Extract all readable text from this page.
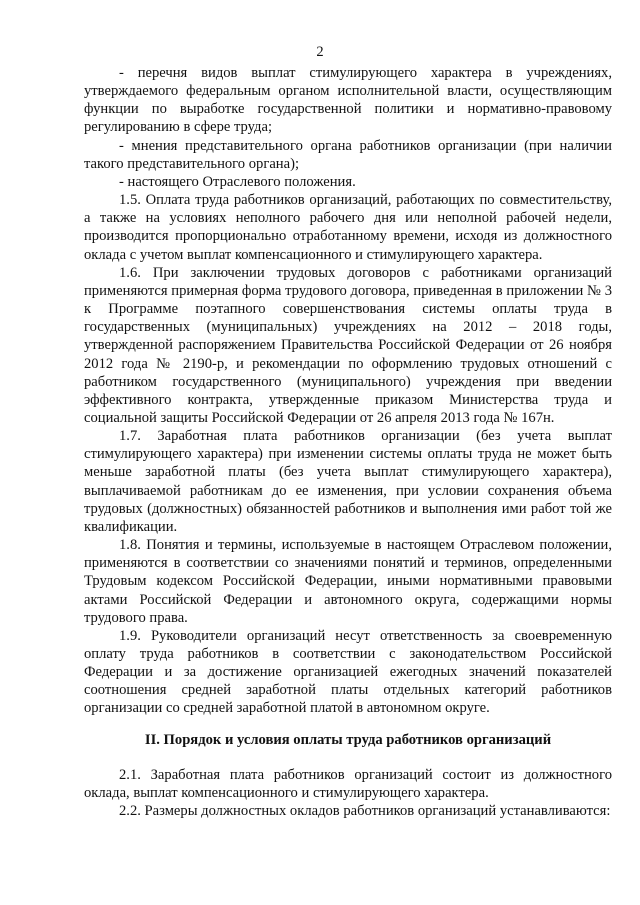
2

- перечня видов выплат стимулирующего характера в учреждениях, утверждаемого федеральным органом исполнительной власти, осуществляющим функции по выработке государственной политики и нормативно-правовому регулированию в сфере труда;

- мнения представительного органа работников организации (при наличии такого представительного органа);

- настоящего Отраслевого положения.

1.5. Оплата труда работников организаций, работающих по совместительству, а также на условиях неполного рабочего дня или неполной рабочей недели, производится пропорционально отработанному времени, исходя из должностного оклада с учетом выплат компенсационного и стимулирующего характера.

1.6. При заключении трудовых договоров с работниками организаций применяются примерная форма трудового договора, приведенная в приложении № 3 к Программе поэтапного совершенствования системы оплаты труда в государственных (муниципальных) учреждениях на 2012 – 2018 годы, утвержденной распоряжением Правительства Российской Федерации от 26 ноября 2012 года № 2190-р, и рекомендации по оформлению трудовых отношений с работником государственного (муниципального) учреждения при введении эффективного контракта, утвержденные приказом Министерства труда и социальной защиты Российской Федерации от 26 апреля 2013 года № 167н.

1.7. Заработная плата работников организации (без учета выплат стимулирующего характера) при изменении системы оплаты труда не может быть меньше заработной платы (без учета выплат стимулирующего характера), выплачиваемой работникам до ее изменения, при условии сохранения объема трудовых (должностных) обязанностей работников и выполнения ими работ той же квалификации.

1.8. Понятия и термины, используемые в настоящем Отраслевом положении, применяются в соответствии со значениями понятий и терминов, определенными Трудовым кодексом Российской Федерации, иными нормативными правовыми актами Российской Федерации и автономного округа, содержащими нормы трудового права.

1.9. Руководители организаций несут ответственность за своевременную оплату труда работников в соответствии с законодательством Российской Федерации и за достижение организацией ежегодных значений показателей соотношения средней заработной платы отдельных категорий работников организации со средней заработной платой в автономном округе.

II. Порядок и условия оплаты труда работников организаций

2.1. Заработная плата работников организаций состоит из должностного оклада, выплат компенсационного и стимулирующего характера.

2.2. Размеры должностных окладов работников организаций устанавливаются:
